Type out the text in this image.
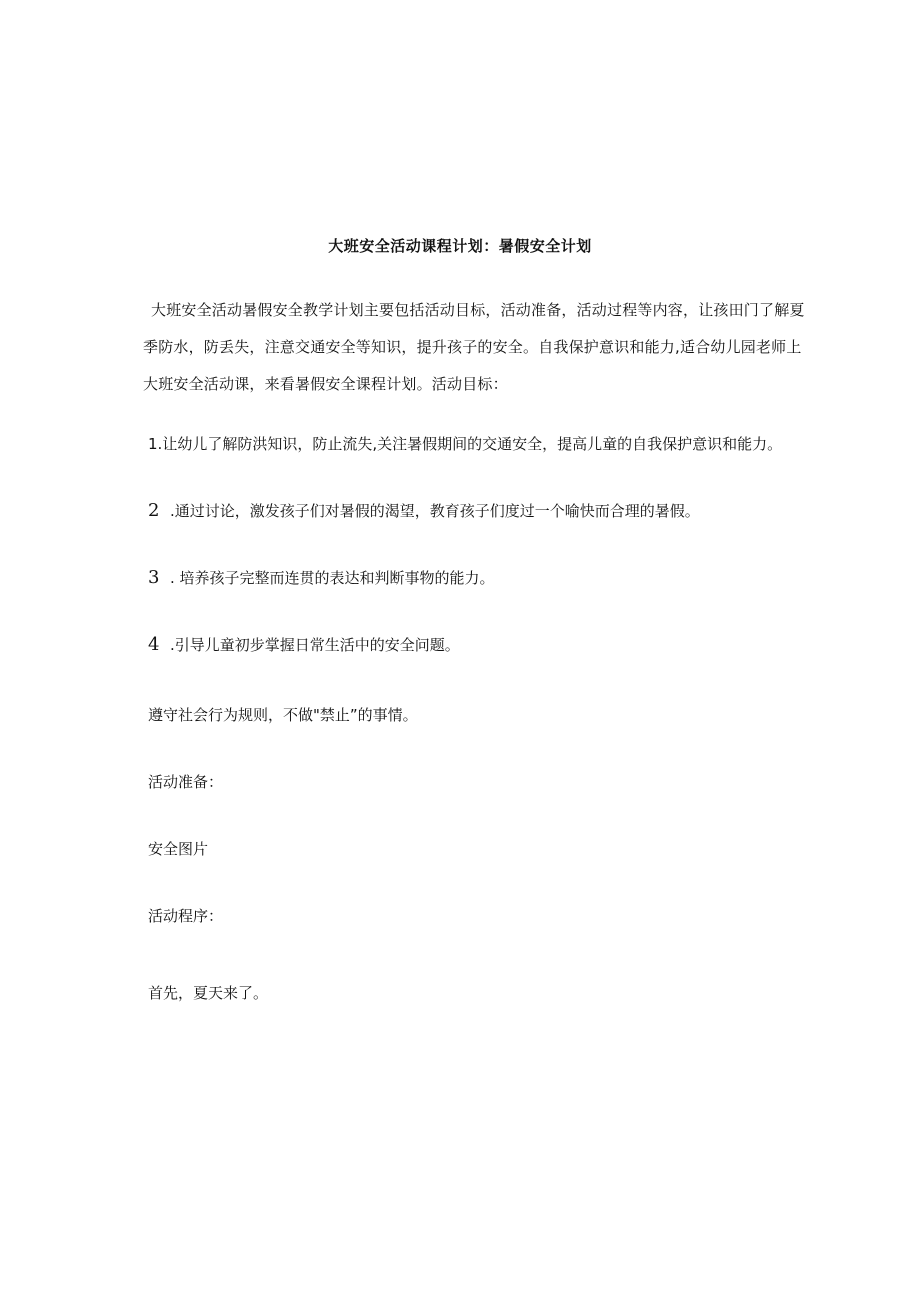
大班安全活动课程计划：暑假安全计划

大班安全活动暑假安全教学计划主要包括活动目标，活动准备，活动过程等内容，让孩田门了解夏季防水，防丢失，注意交通安全等知识，提升孩子的安全。自我保护意识和能力,适合幼儿园老师上大班安全活动课，来看暑假安全课程计划。活动目标：

1.让幼儿了解防洪知识，防止流失,关注暑假期间的交通安全，提高儿童的自我保护意识和能力。

2 .通过讨论，激发孩子们对暑假的渴望，教育孩子们度过一个喻快而合理的暑假。

3 . 培养孩子完整而连贯的表达和判断事物的能力。

4 .引导儿童初步掌握日常生活中的安全问题。

遵守社会行为规则，不做"禁止”的事情。

活动准备：

安全图片

活动程序：

首先，夏天来了。
